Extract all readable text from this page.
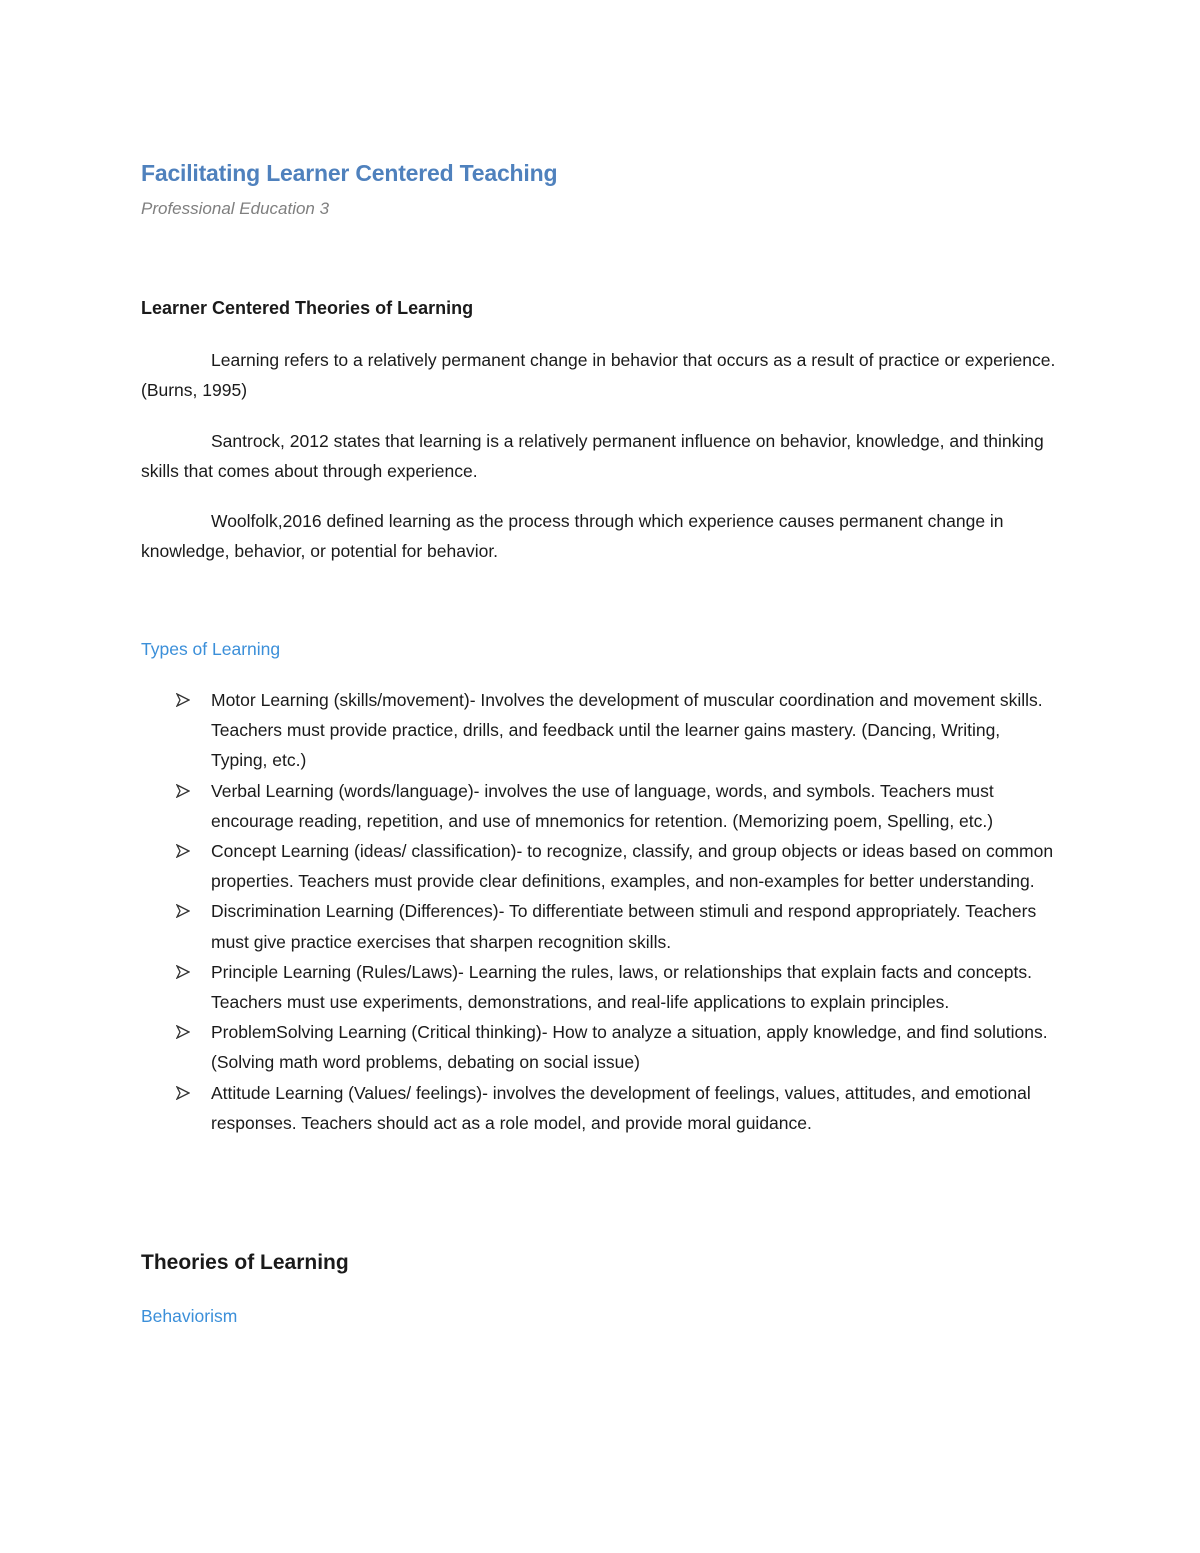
Facilitating Learner Centered Teaching
Professional Education 3
Learner Centered Theories of Learning

Learning refers to a relatively permanent change in behavior that occurs as a result of practice or experience. (Burns, 1995)

Santrock, 2012 states that learning is a relatively permanent influence on behavior, knowledge, and thinking skills that comes about through experience.

Woolfolk,2016 defined learning as the process through which experience causes permanent change in knowledge, behavior, or potential for behavior.

Types of Learning
Motor Learning (skills/movement)- Involves the development of muscular coordination and movement skills. Teachers must provide practice, drills, and feedback until the learner gains mastery. (Dancing, Writing, Typing, etc.)
Verbal Learning (words/language)- involves the use of language, words, and symbols. Teachers must encourage reading, repetition, and use of mnemonics for retention. (Memorizing poem, Spelling, etc.)
Concept Learning (ideas/ classification)- to recognize, classify, and group objects or ideas based on common properties. Teachers must provide clear definitions, examples, and non-examples for better understanding.
Discrimination Learning (Differences)- To differentiate between stimuli and respond appropriately. Teachers must give practice exercises that sharpen recognition skills.
Principle Learning (Rules/Laws)- Learning the rules, laws, or relationships that explain facts and concepts. Teachers must use experiments, demonstrations, and real-life applications to explain principles.
ProblemSolving Learning (Critical thinking)- How to analyze a situation, apply knowledge, and find solutions. (Solving math word problems, debating on social issue)
Attitude Learning (Values/ feelings)- involves the development of feelings, values, attitudes, and emotional responses. Teachers should act as a role model, and provide moral guidance.
Theories of Learning
Behaviorism
